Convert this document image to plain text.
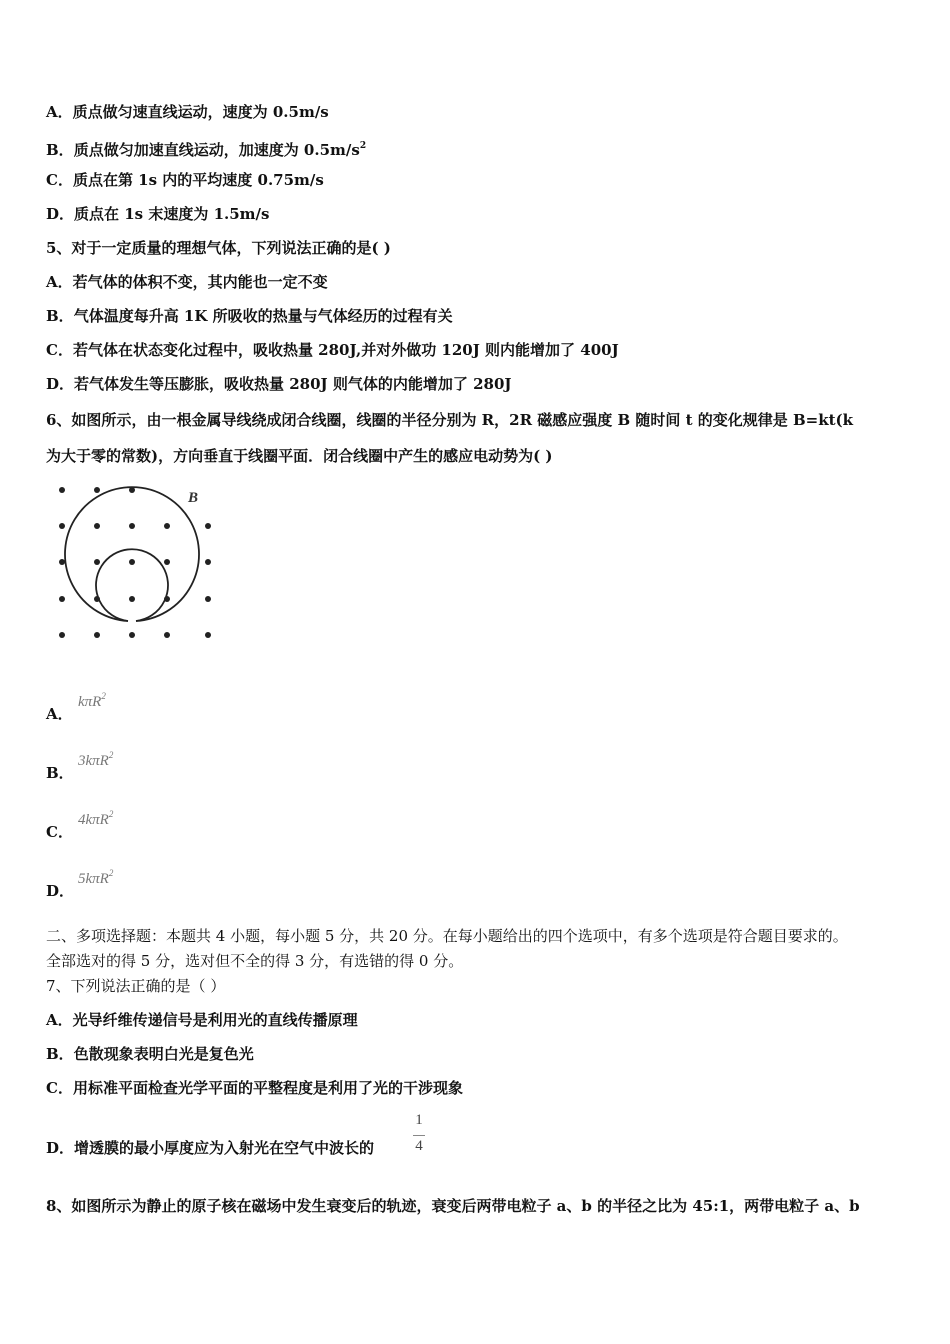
A．质点做匀速直线运动，速度为 0.5m/s
B．质点做匀加速直线运动，加速度为 $0.5m/s^2$
C．质点在第 1s 内的平均速度 0.75m/s
D．质点在 1s 末速度为 1.5m/s
5、对于一定质量的理想气体，下列说法正确的是( )
A．若气体的体积不变，其内能也一定不变
B．气体温度每升高 1K 所吸收的热量与气体经历的过程有关
C．若气体在状态变化过程中，吸收热量 280J,并对外做功 120J 则内能增加了 400J
D．若气体发生等压膨胀，吸收热量 280J 则气体的内能增加了 280J
6、如图所示，由一根金属导线绕成闭合线圈，线圈的半径分别为 R，2R 磁感应强度 B 随时间 t 的变化规律是 B=kt(k
为大于零的常数)，方向垂直于线圈平面．闭合线圈中产生的感应电动势为( )
B
A．
kπR$^2$
B．
3kπR$^2$
C．
4kπR$^2$
D．
5kπR$^2$
二、多项选择题：本题共 4 小题，每小题 5 分，共 20 分。在每小题给出的四个选项中，有多个选项是符合题目要求的。
全部选对的得 5 分，选对但不全的得 3 分，有选错的得 0 分。
7、下列说法正确的是（ ）
A．光导纤维传递信号是利用光的直线传播原理
B．色散现象表明白光是复色光
C．用标准平面检查光学平面的平整程度是利用了光的干涉现象
D．增透膜的最小厚度应为入射光在空气中波长的
1
4
8、如图所示为静止的原子核在磁场中发生衰变后的轨迹，衰变后两带电粒子 a、b 的半径之比为 45:1，两带电粒子 a、b
